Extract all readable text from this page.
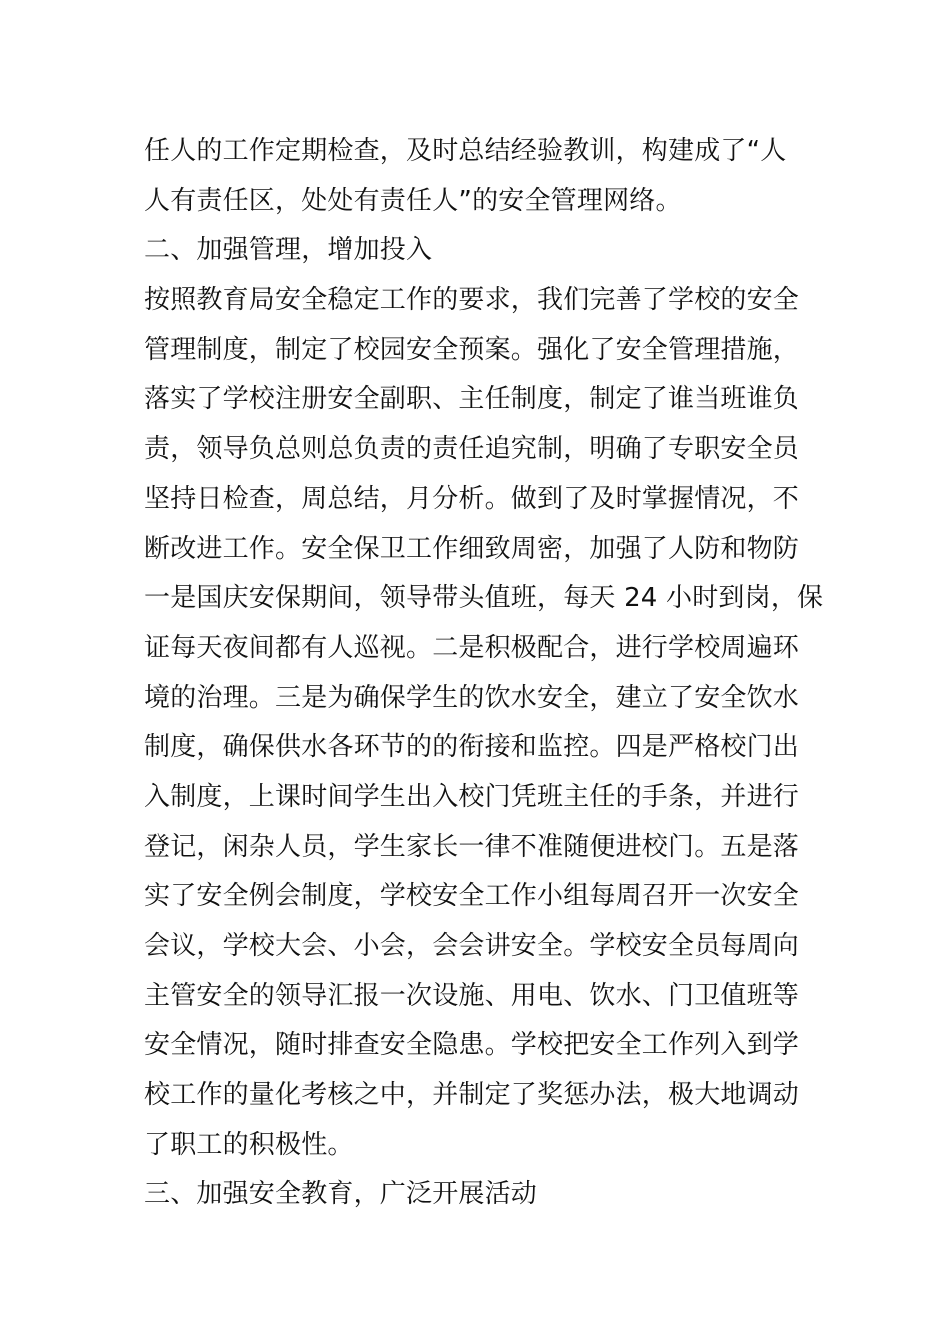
任人的工作定期检查，及时总结经验教训，构建成了“人
人有责任区，处处有责任人”的安全管理网络。
二、加强管理，增加投入
按照教育局安全稳定工作的要求，我们完善了学校的安全
管理制度，制定了校园安全预案。强化了安全管理措施，
落实了学校注册安全副职、主任制度，制定了谁当班谁负
责，领导负总则总负责的责任追究制，明确了专职安全员
坚持日检查，周总结，月分析。做到了及时掌握情况，不
断改进工作。安全保卫工作细致周密，加强了人防和物防
一是国庆安保期间，领导带头值班，每天 24 小时到岗，保
证每天夜间都有人巡视。二是积极配合，进行学校周遍环
境的治理。三是为确保学生的饮水安全，建立了安全饮水
制度，确保供水各环节的的衔接和监控。四是严格校门出
入制度，上课时间学生出入校门凭班主任的手条，并进行
登记，闲杂人员，学生家长一律不准随便进校门。五是落
实了安全例会制度，学校安全工作小组每周召开一次安全
会议，学校大会、小会，会会讲安全。学校安全员每周向
主管安全的领导汇报一次设施、用电、饮水、门卫值班等
安全情况，随时排查安全隐患。学校把安全工作列入到学
校工作的量化考核之中，并制定了奖惩办法，极大地调动
了职工的积极性。
三、加强安全教育，广泛开展活动
